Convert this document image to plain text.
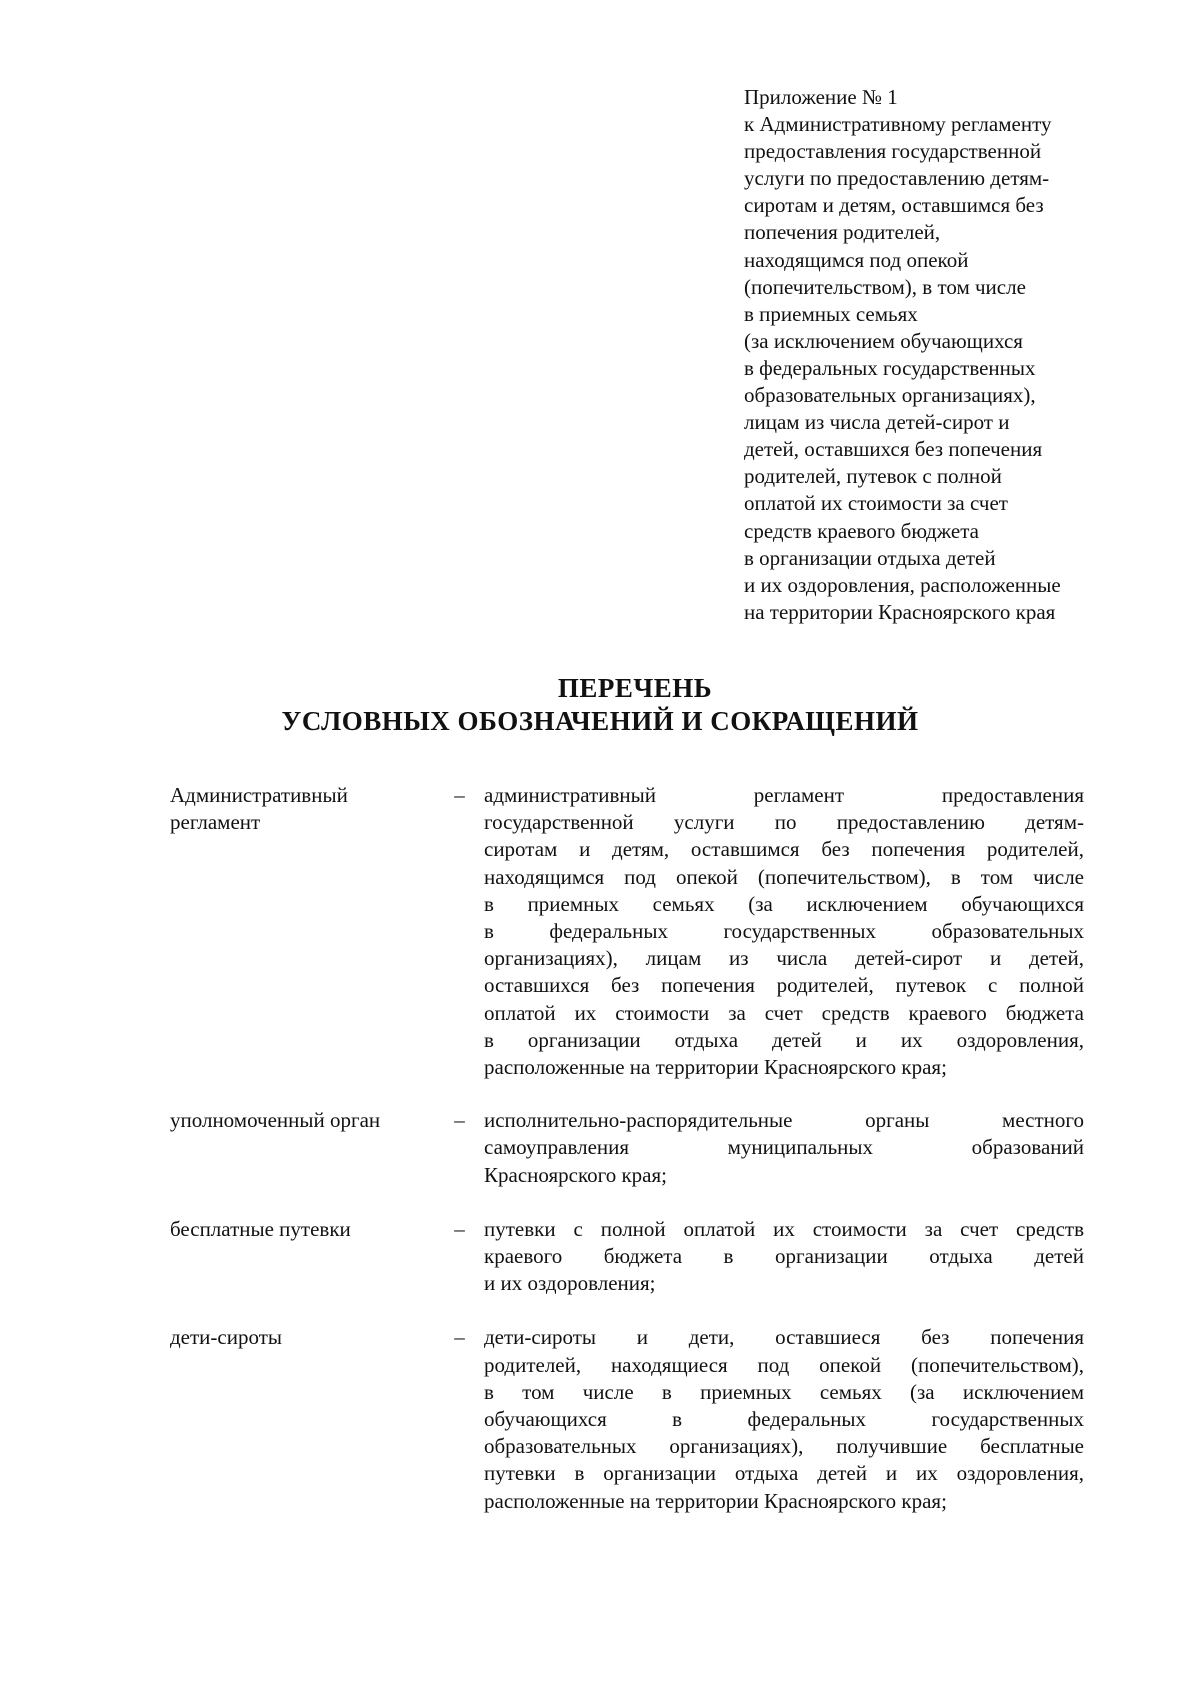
Приложение № 1
к Административному регламенту
предоставления государственной
услуги по предоставлению детям-
сиротам и детям, оставшимся без
попечения родителей,
находящимся под опекой
(попечительством), в том числе
в приемных семьях
(за исключением обучающихся
в федеральных государственных
образовательных организациях),
лицам из числа детей-сирот и
детей, оставшихся без попечения
родителей, путевок с полной
оплатой их стоимости за счет
средств краевого бюджета
в организации отдыха детей
и их оздоровления, расположенные
на территории Красноярского края
ПЕРЕЧЕНЬ
УСЛОВНЫХ ОБОЗНАЧЕНИЙ И СОКРАЩЕНИЙ
Административный регламент
– административный регламент предоставления
государственной услуги по предоставлению детям-
сиротам и детям, оставшимся без попечения родителей,
находящимся под опекой (попечительством), в том числе
в приемных семьях (за исключением обучающихся
в федеральных государственных образовательных
организациях), лицам из числа детей-сирот и детей,
оставшихся без попечения родителей, путевок с полной
оплатой их стоимости за счет средств краевого бюджета
в организации отдыха детей и их оздоровления,
расположенные на территории Красноярского края;
уполномоченный орган	– исполнительно-распорядительные органы местного
самоуправления муниципальных образований
Красноярского края;
бесплатные путевки	– путевки с полной оплатой их стоимости за счет средств
краевого бюджета в организации отдыха детей
и их оздоровления;
дети-сироты	– дети-сироты и дети, оставшиеся без попечения
родителей, находящиеся под опекой (попечительством),
в том числе в приемных семьях (за исключением
обучающихся в федеральных государственных
образовательных организациях), получившие бесплатные
путевки в организации отдыха детей и их оздоровления,
расположенные на территории Красноярского края;
